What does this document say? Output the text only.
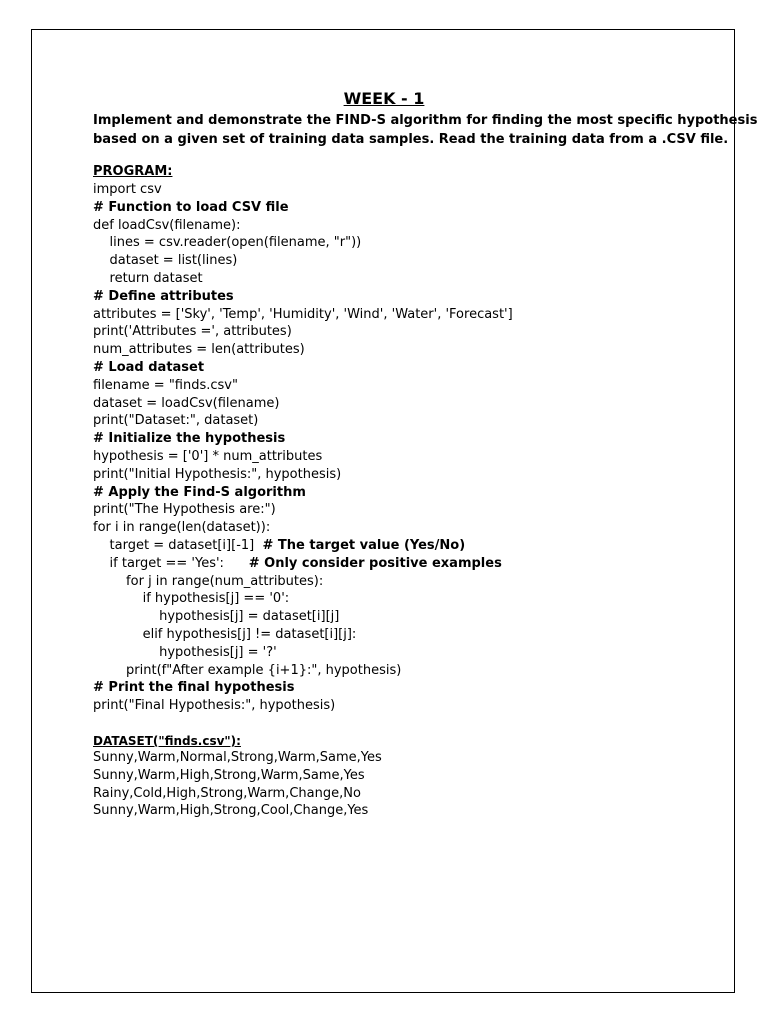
WEEK - 1
Implement and demonstrate the FIND-S algorithm for finding the most specific hypothesis
based on a given set of training data samples. Read the training data from a .CSV file.
PROGRAM:
import csv
# Function to load CSV file
def loadCsv(filename):
lines = csv.reader(open(filename, "r"))
dataset = list(lines)
return dataset
# Define attributes
attributes = ['Sky', 'Temp', 'Humidity', 'Wind', 'Water', 'Forecast']
print('Attributes =', attributes)
num_attributes = len(attributes)
# Load dataset
filename = "finds.csv"
dataset = loadCsv(filename)
print("Dataset:", dataset)
# Initialize the hypothesis
hypothesis = ['0'] * num_attributes
print("Initial Hypothesis:", hypothesis)
# Apply the Find-S algorithm
print("The Hypothesis are:")
for i in range(len(dataset)):
target = dataset[i][-1]  # The target value (Yes/No)
if target == 'Yes':      # Only consider positive examples
for j in range(num_attributes):
if hypothesis[j] == '0':
hypothesis[j] = dataset[i][j]
elif hypothesis[j] != dataset[i][j]:
hypothesis[j] = '?'
print(f"After example {i+1}:", hypothesis)
# Print the final hypothesis
print("Final Hypothesis:", hypothesis)
DATASET("finds.csv"):
Sunny,Warm,Normal,Strong,Warm,Same,Yes
Sunny,Warm,High,Strong,Warm,Same,Yes
Rainy,Cold,High,Strong,Warm,Change,No
Sunny,Warm,High,Strong,Cool,Change,Yes
